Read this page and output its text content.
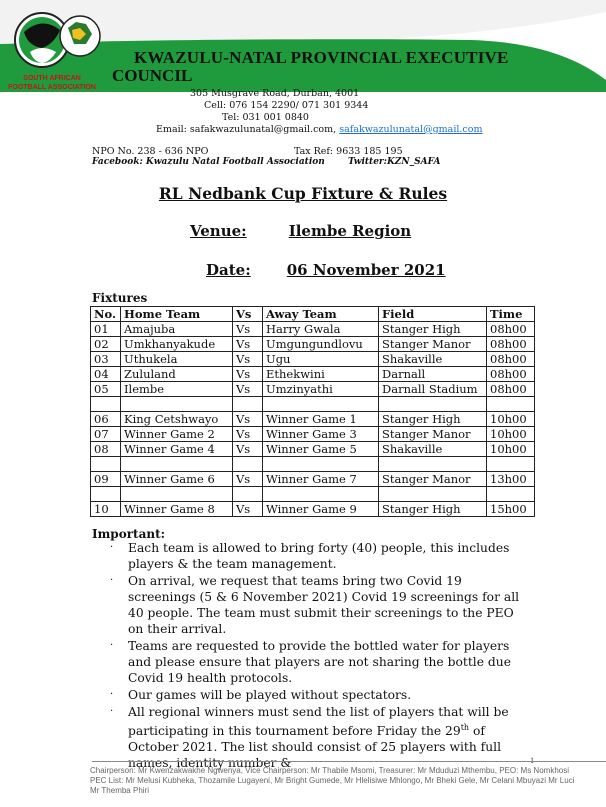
SOUTH AFRICAN
FOOTBALL ASSOCIATION
KWAZULU-NATAL PROVINCIAL EXECUTIVE
COUNCIL
305 Musgrave Road, Durban, 4001
Cell: 076 154 2290/ 071 301 9344
Tel: 031 001 0840
Email: safakwazulunatal@gmail.com, safakwazulunatal@gmail.com
NPO No. 238 - 636 NPO	Tax Ref: 9633 185 195
Facebook: Kwazulu Natal Football Association	Twitter:KZN_SAFA
RL Nedbank Cup Fixture & Rules
Venue:	Ilembe Region
Date: 06 November 2021
Fixtures
No.	Home Team	Vs	Away Team	Field	Time
01	Amajuba	Vs	Harry Gwala	Stanger High	08h00
02	Umkhanyakude	Vs	Umgungundlovu	Stanger Manor	08h00
03	Uthukela	Vs	Ugu	Shakaville	08h00
04	Zululand	Vs	Ethekwini	Darnall	08h00
05	Ilembe	Vs	Umzinyathi	Darnall Stadium	08h00

06	King Cetshwayo	Vs	Winner Game 1	Stanger High	10h00
07	Winner Game 2	Vs	Winner Game 3	Stanger Manor	10h00
08	Winner Game 4	Vs	Winner Game 5	Shakaville	10h00

09	Winner Game 6	Vs	Winner Game 7	Stanger Manor	13h00

10	Winner Game 8	Vs	Winner Game 9	Stanger High	15h00
Important:
· Each team is allowed to bring forty (40) people, this includes players & the team management.
· On arrival, we request that teams bring two Covid 19 screenings (5 & 6 November 2021) Covid 19 screenings for all 40 people. The team must submit their screenings to the PEO on their arrival.
· Teams are requested to provide the bottled water for players and please ensure that players are not sharing the bottle due Covid 19 health protocols.
· Our games will be played without spectators.
· All regional winners must send the list of players that will be participating in this tournament before Friday the 29th of October 2021. The list should consist of 25 players with full names, identity number &	1
Chairperson: Mr Kwenzakwakhe Ngwenya, Vice Chairperson: Mr Thabile Msomi, Treasurer: Mr Mduduzi Mthembu, PEO: Ms Nomkhosi
PEC List: Mr Melusi Kubheka, Thozamile Lugayeni, Mr Bright Gumede, Mr Hlelisiwe Mhlongo, Mr Bheki Gele, Mr Celani Mbuyazi Mr Luci
Mr Themba Phiri
